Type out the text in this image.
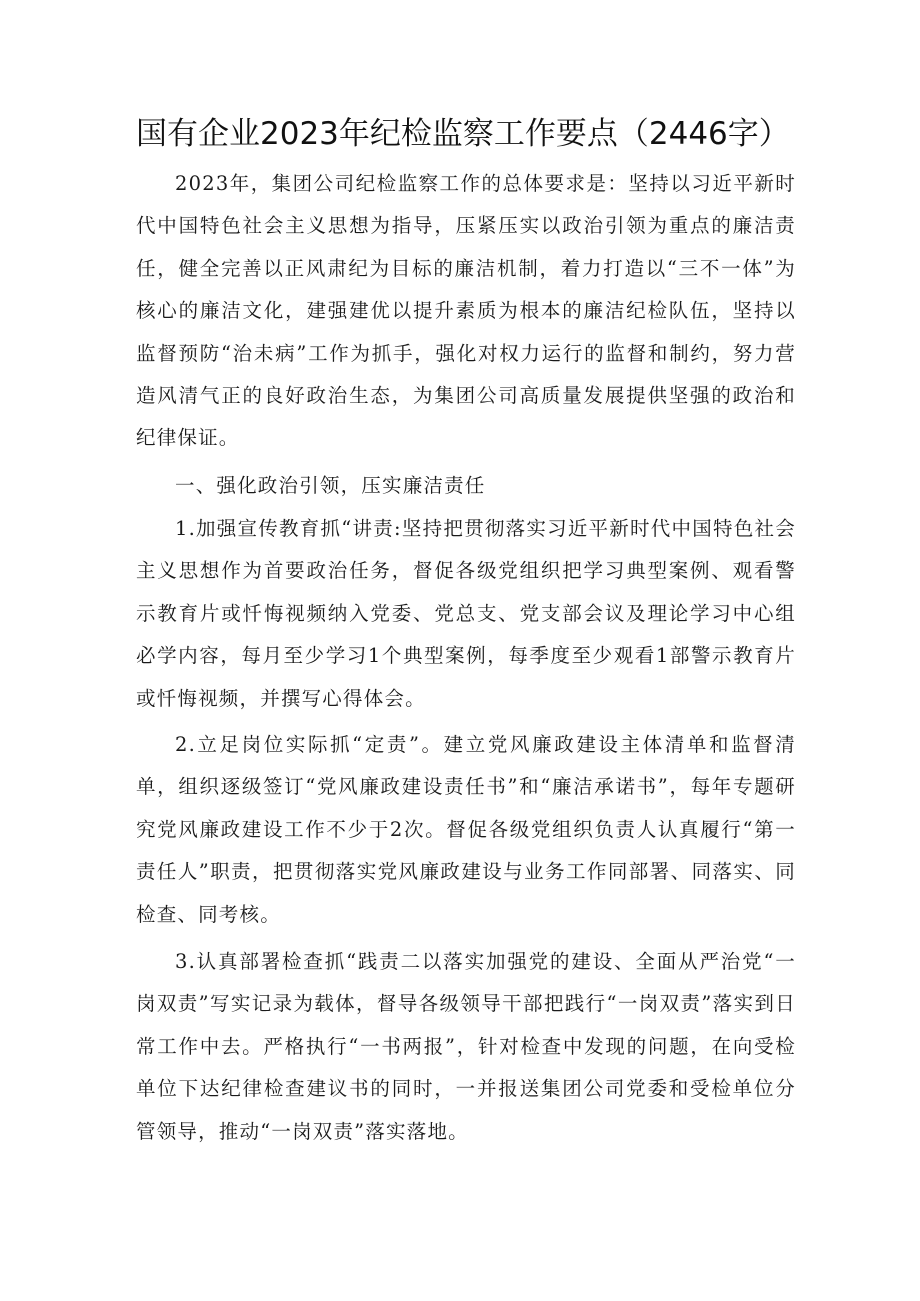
国有企业2023年纪检监察工作要点（2446字）

2023年，集团公司纪检监察工作的总体要求是：坚持以习近平新时代中国特色社会主义思想为指导，压紧压实以政治引领为重点的廉洁责任，健全完善以正风肃纪为目标的廉洁机制，着力打造以“三不一体”为核心的廉洁文化，建强建优以提升素质为根本的廉洁纪检队伍，坚持以监督预防“治未病”工作为抓手，强化对权力运行的监督和制约，努力营造风清气正的良好政治生态，为集团公司高质量发展提供坚强的政治和纪律保证。

一、强化政治引领，压实廉洁责任

1.加强宣传教育抓“讲责:坚持把贯彻落实习近平新时代中国特色社会主义思想作为首要政治任务，督促各级党组织把学习典型案例、观看警示教育片或忏悔视频纳入党委、党总支、党支部会议及理论学习中心组必学内容，每月至少学习1个典型案例，每季度至少观看1部警示教育片或忏悔视频，并撰写心得体会。

2.立足岗位实际抓“定责”。建立党风廉政建设主体清单和监督清单，组织逐级签订“党风廉政建设责任书”和“廉洁承诺书”，每年专题研究党风廉政建设工作不少于2次。督促各级党组织负责人认真履行“第一责任人”职责，把贯彻落实党风廉政建设与业务工作同部署、同落实、同检查、同考核。

3.认真部署检查抓“践责二以落实加强党的建设、全面从严治党“一岗双责”写实记录为载体，督导各级领导干部把践行“一岗双责”落实到日常工作中去。严格执行“一书两报”，针对检查中发现的问题，在向受检单位下达纪律检查建议书的同时，一并报送集团公司党委和受检单位分管领导，推动“一岗双责”落实落地。
